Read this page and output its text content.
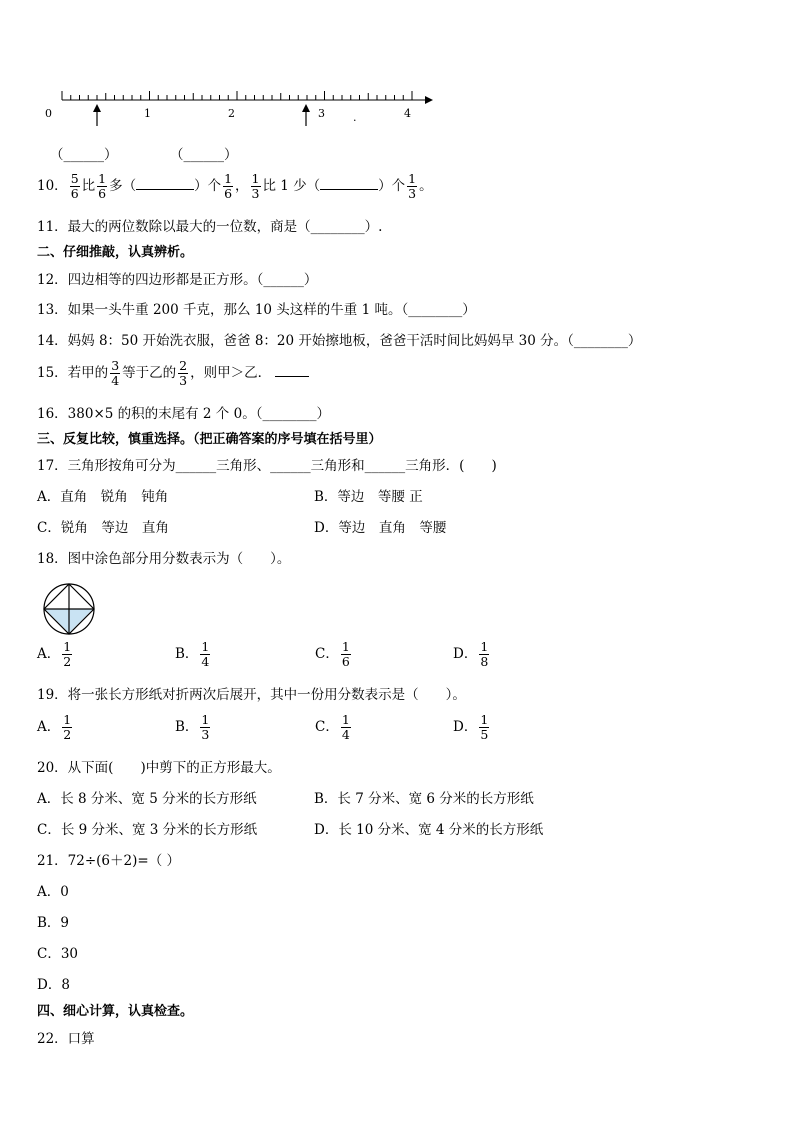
0	1	2	3	.	4
（______）	（______）
10． $\frac{5}{6}$ 比 $\frac{1}{6}$ 多（	）个 $\frac{1}{6}$ ， $\frac{1}{3}$ 比 1 少（	）个 $\frac{1}{3}$ 。
11．最大的两位数除以最大的一位数，商是（________）.
二、仔细推敲，认真辨析。
12．四边相等的四边形都是正方形。（______）
13．如果一头牛重 200 千克，那么 10 头这样的牛重 1 吨。（________）
14．妈妈 8：50 开始洗衣服，爸爸 8：20 开始擦地板，爸爸干活时间比妈妈早 30 分。（________）
15．若甲的 $\frac{3}{4}$ 等于乙的 $\frac{2}{3}$ ，则甲＞乙．
16．380×5 的积的末尾有 2 个 0。（________）
三、反复比较，慎重选择。（把正确答案的序号填在括号里）
17．三角形按角可分为______三角形、______三角形和______三角形．(　　)
A．直角　锐角　钝角	B．等边　等腰 正
C．锐角　等边　直角	D．等边　直角　等腰
18．图中涂色部分用分数表示为（　　）。
A． $\frac{1}{2}$	B． $\frac{1}{4}$	C． $\frac{1}{6}$	D． $\frac{1}{8}$
19．将一张长方形纸对折两次后展开，其中一份用分数表示是（　　）。
A． $\frac{1}{2}$	B． $\frac{1}{3}$	C． $\frac{1}{4}$	D． $\frac{1}{5}$
20．从下面(　　)中剪下的正方形最大。
A．长 8 分米、宽 5 分米的长方形纸	B．长 7 分米、宽 6 分米的长方形纸
C．长 9 分米、宽 3 分米的长方形纸	D．长 10 分米、宽 4 分米的长方形纸
21．72÷(6＋2)=（ ）
A．0
B．9
C．30
D．8
四、细心计算，认真检查。
22．口算
